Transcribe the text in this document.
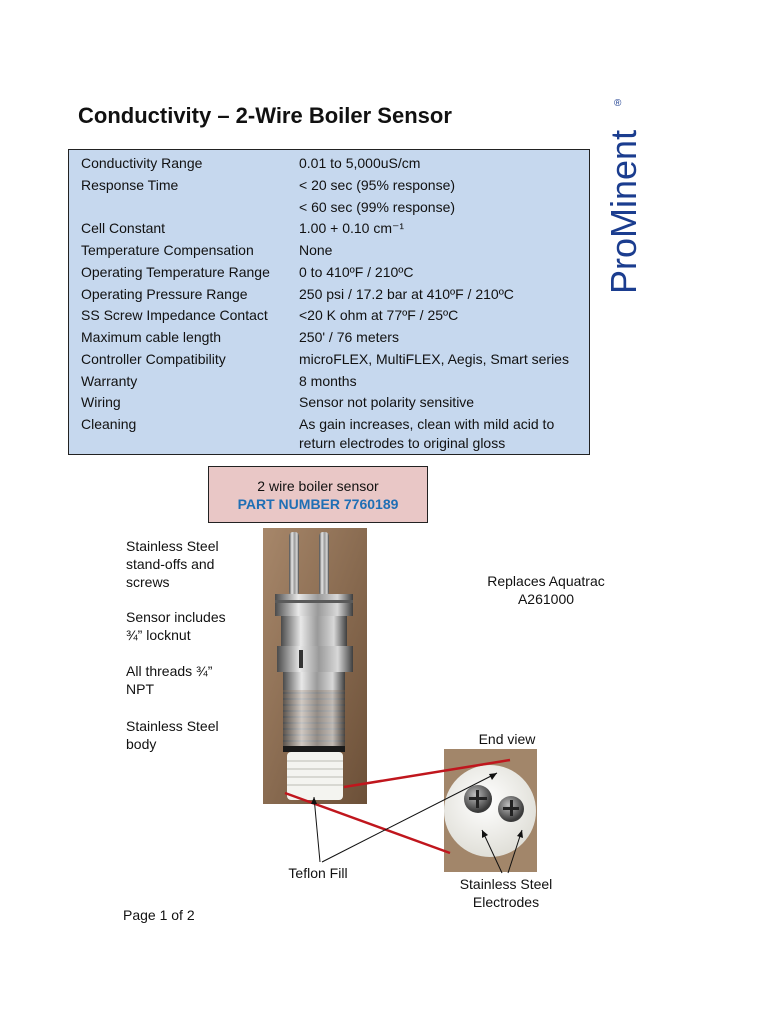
Conductivity – 2-Wire Boiler Sensor	®
ProMinent
Conductivity Range	0.01 to 5,000uS/cm
Response Time	< 20 sec (95% response)
< 60 sec (99% response)
Cell Constant	1.00 + 0.10 cm⁻¹
Temperature Compensation	None
Operating Temperature Range 0 to 410ºF / 210ºC
Operating Pressure Range	250 psi / 17.2 bar at 410ºF / 210ºC
SS Screw Impedance Contact <20 K ohm at 77ºF / 25ºC
Maximum cable length	250' / 76 meters
Controller Compatibility	microFLEX, MultiFLEX, Aegis, Smart series
Warranty	8 months
Wiring	Sensor not polarity sensitive
Cleaning	As gain increases, clean with mild acid to return electrodes to original gloss
2 wire boiler sensor
PART NUMBER 7760189
Stainless Steel stand-offs and screws
Sensor includes ¾” locknut
All threads ¾” NPT
Stainless Steel body
Replaces Aquatrac A261000
End view
Teflon Fill
Stainless Steel Electrodes
Page 1 of 2
